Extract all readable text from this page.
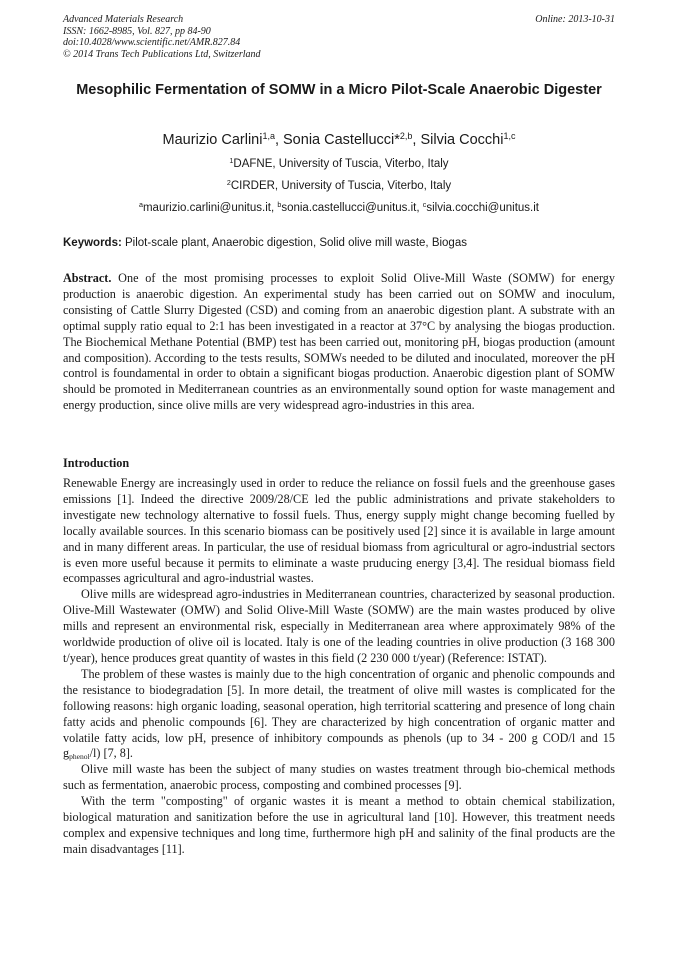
Advanced Materials Research
ISSN: 1662-8985, Vol. 827, pp 84-90
doi:10.4028/www.scientific.net/AMR.827.84
© 2014 Trans Tech Publications Ltd, Switzerland
Online: 2013-10-31
Mesophilic Fermentation of SOMW in a Micro Pilot-Scale Anaerobic Digester
Maurizio Carlini$^{1,a}$, Sonia Castellucci*$^{2,b}$, Silvia Cocchi$^{1,c}$
$^1$DAFNE, University of Tuscia, Viterbo, Italy
$^2$CIRDER, University of Tuscia, Viterbo, Italy
$^a$maurizio.carlini@unitus.it, $^b$sonia.castellucci@unitus.it, $^c$silvia.cocchi@unitus.it
Keywords: Pilot-scale plant, Anaerobic digestion, Solid olive mill waste, Biogas

Abstract. One of the most promising processes to exploit Solid Olive-Mill Waste (SOMW) for energy production is anaerobic digestion. An experimental study has been carried out on SOMW and inoculum, consisting of Cattle Slurry Digested (CSD) and coming from an anaerobic digestion plant. A substrate with an optimal supply ratio equal to 2:1 has been investigated in a reactor at 37°C by analysing the biogas production. The Biochemical Methane Potential (BMP) test has been carried out, monitoring pH, biogas production (amount and composition). According to the tests results, SOMWs needed to be diluted and inoculated, moreover the pH control is foundamental in order to obtain a significant biogas production. Anaerobic digestion plant of SOMW should be promoted in Mediterranean countries as an environmentally sound option for waste management and energy production, since olive mills are very widespread agro-industries in this area.

Introduction

Renewable Energy are increasingly used in order to reduce the reliance on fossil fuels and the greenhouse gases emissions [1]. Indeed the directive 2009/28/CE led the public administrations and private stakeholders to investigate new technology alternative to fossil fuels. Thus, energy supply might change becoming fuelled by locally available sources. In this scenario biomass can be positively used [2] since it is available in large amount and in many different areas. In particular, the use of residual biomass from agricultural or agro-industrial sectors is even more useful because it permits to eliminate a waste pruducing energy [3,4]. The residual biomass field ecompasses agricultural and agro-industrial wastes.

Olive mills are widespread agro-industries in Mediterranean countries, characterized by seasonal production. Olive-Mill Wastewater (OMW) and Solid Olive-Mill Waste (SOMW) are the main wastes produced by olive mills and represent an environmental risk, especially in Mediterranean area where approximately 98% of the worldwide production of olive oil is located. Italy is one of the leading countries in olive production (3 168 300 t/year), hence produces great quantity of wastes in this field (2 230 000 t/year) (Reference: ISTAT).

The problem of these wastes is mainly due to the high concentration of organic and phenolic compounds and the resistance to biodegradation [5]. In more detail, the treatment of olive mill wastes is complicated for the following reasons: high organic loading, seasonal operation, high territorial scattering and presence of long chain fatty acids and phenolic compounds [6]. They are characterized by high concentration of organic matter and volatile fatty acids, low pH, presence of inhibitory compounds as phenols (up to 34 - 200 g COD/l and 15 $g_{phenol}/l$) [7, 8].

Olive mill waste has been the subject of many studies on wastes treatment through bio-chemical methods such as fermentation, anaerobic process, composting and combined processes [9].

With the term "composting" of organic wastes it is meant a method to obtain chemical stabilization, biological maturation and sanitization before the use in agricultural land [10]. However, this treatment needs complex and expensive techniques and long time, furthermore high pH and salinity of the final products are the main disadvantages [11].
